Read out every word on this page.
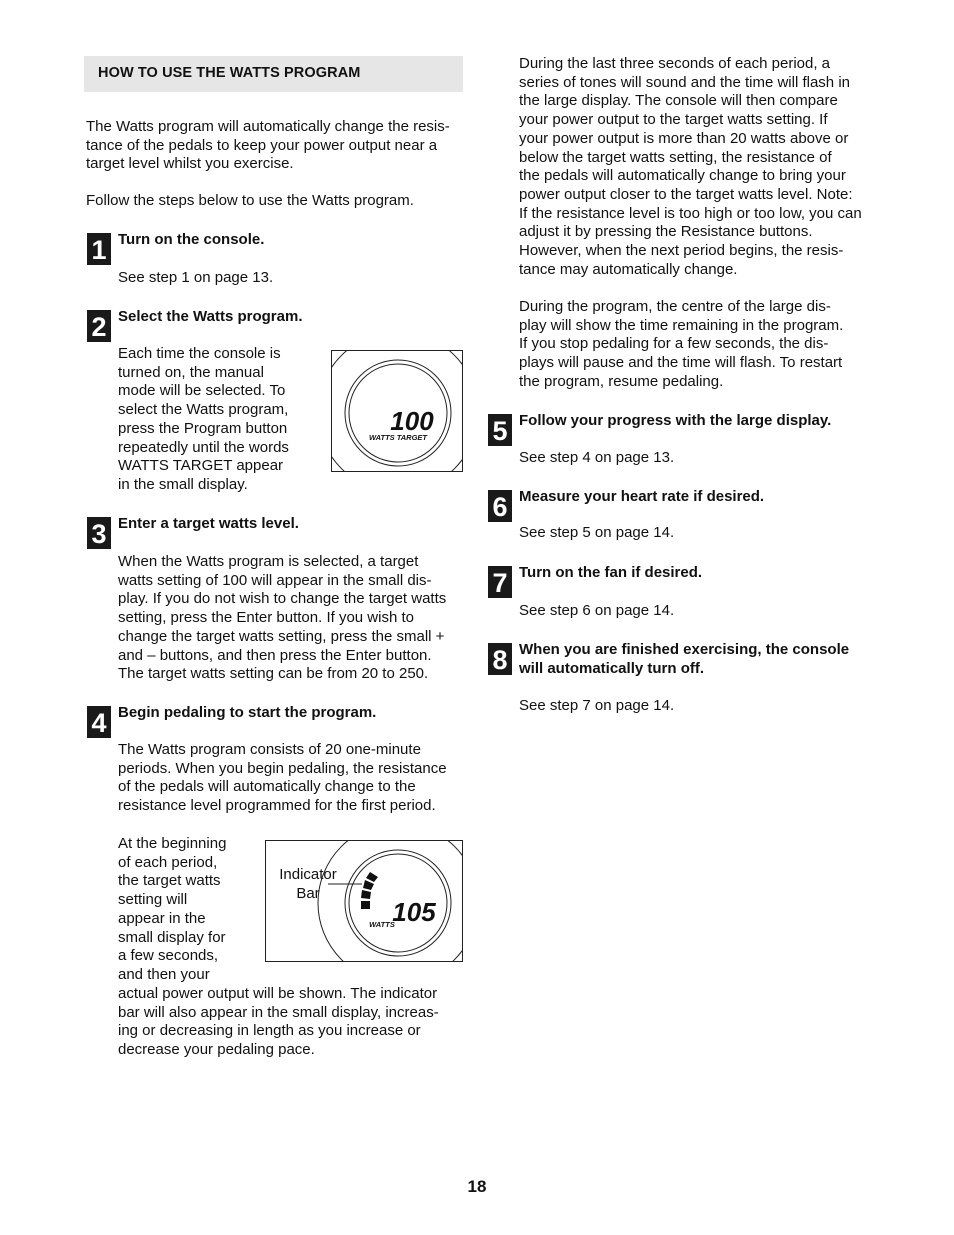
HOW TO USE THE WATTS PROGRAM

The Watts program will automatically change the resis-
tance of the pedals to keep your power output near a
target level whilst you exercise.

Follow the steps below to use the Watts program.

1 Turn on the console.

See step 1 on page 13.

2 Select the Watts program.

Each time the console is
turned on, the manual
mode will be selected. To
select the Watts program,
press the Program button
repeatedly until the words
WATTS TARGET appear
in the small display.

100
WATTS TARGET
3 Enter a target watts level.

When the Watts program is selected, a target
watts setting of 100 will appear in the small dis-
play. If you do not wish to change the target watts
setting, press the Enter button. If you wish to
change the target watts setting, press the small +
and – buttons, and then press the Enter button.
The target watts setting can be from 20 to 250.

4 Begin pedaling to start the program.

The Watts program consists of 20 one-minute
periods. When you begin pedaling, the resistance
of the pedals will automatically change to the
resistance level programmed for the first period.

At the beginning
of each period,
the target watts
setting will
appear in the
small display for
a few seconds,
and then your

actual power output will be shown. The indicator
bar will also appear in the small display, increas-
ing or decreasing in length as you increase or
decrease your pedaling pace.

105
WATTS
Indicator
Bar

During the last three seconds of each period, a
series of tones will sound and the time will flash in
the large display. The console will then compare
your power output to the target watts setting. If
your power output is more than 20 watts above or
below the target watts setting, the resistance of
the pedals will automatically change to bring your
power output closer to the target watts level. Note:
If the resistance level is too high or too low, you can
adjust it by pressing the Resistance buttons.
However, when the next period begins, the resis-
tance may automatically change.

During the program, the centre of the large dis-
play will show the time remaining in the program.
If you stop pedaling for a few seconds, the dis-
plays will pause and the time will flash. To restart
the program, resume pedaling.

5 Follow your progress with the large display.

See step 4 on page 13.

6 Measure your heart rate if desired.

See step 5 on page 14.

7 Turn on the fan if desired.

See step 6 on page 14.

8 When you are finished exercising, the console
will automatically turn off.

See step 7 on page 14.

18
